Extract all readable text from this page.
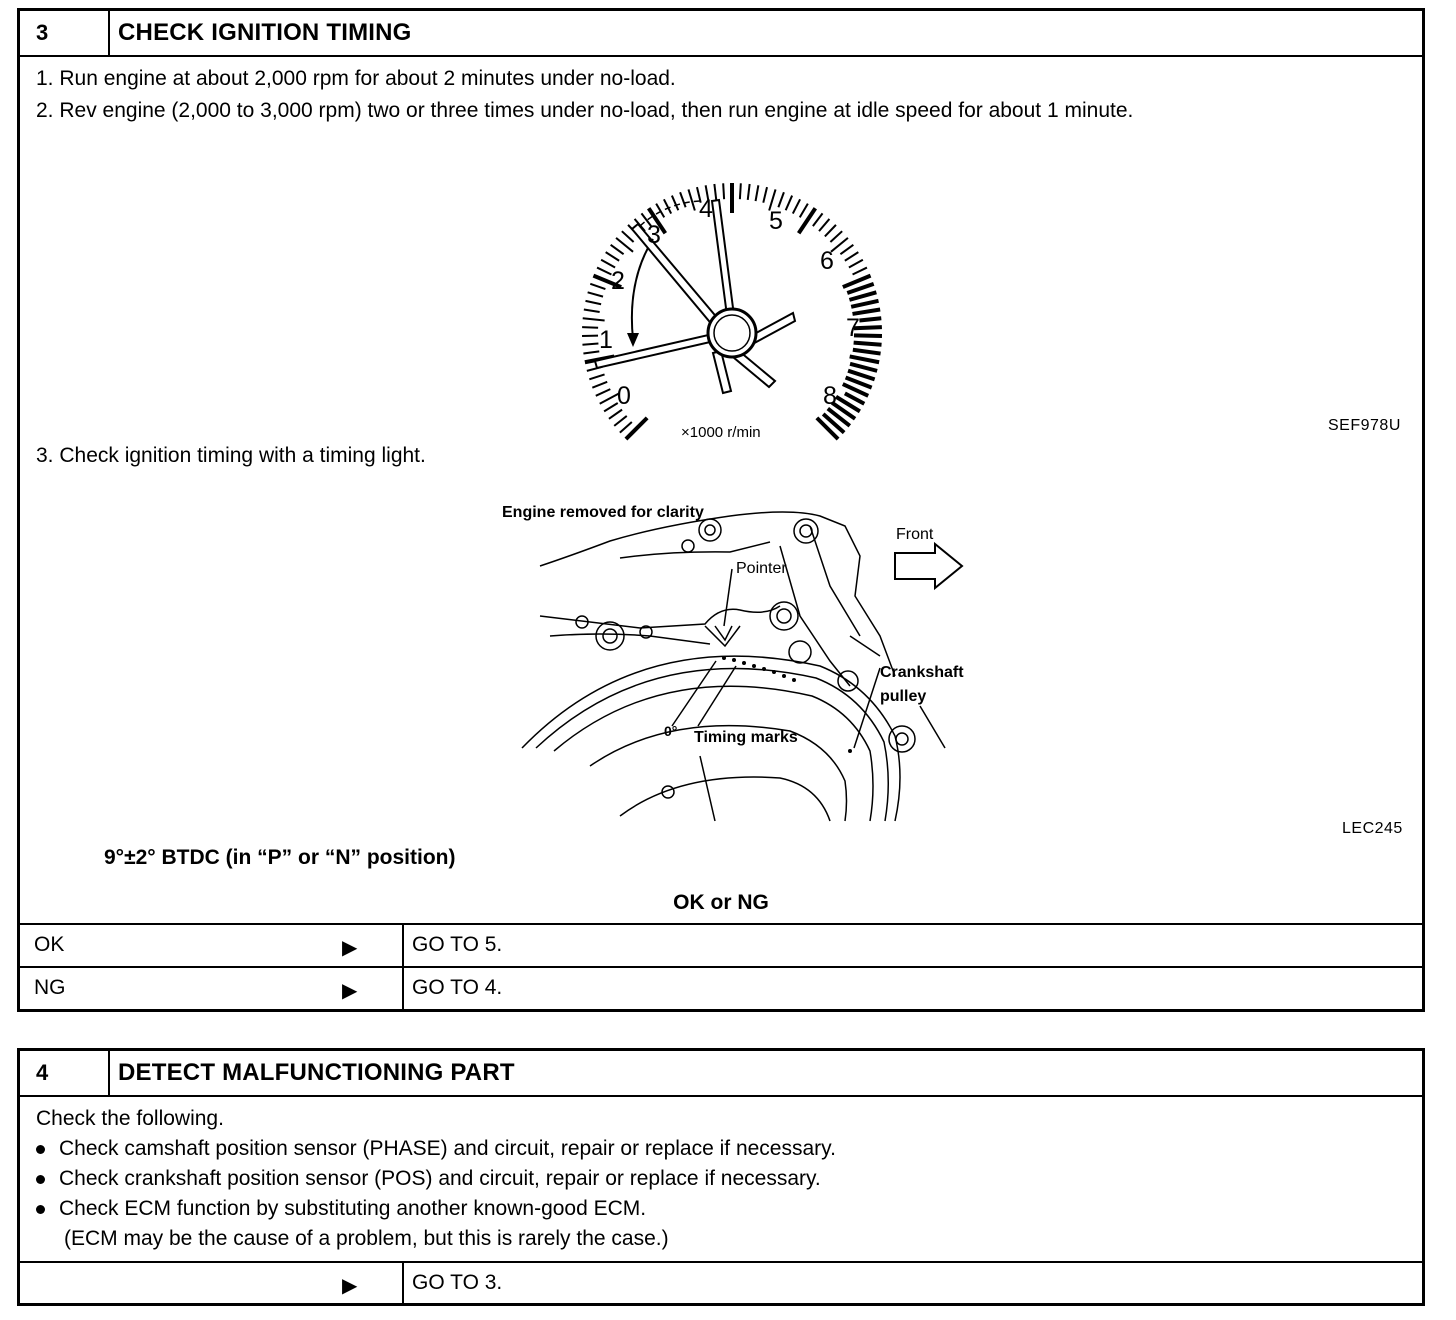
3	CHECK IGNITION TIMING
1. Run engine at about 2,000 rpm for about 2 minutes under no-load.
2. Rev engine (2,000 to 3,000 rpm) two or three times under no-load, then run engine at idle speed for about 1 minute.
0
1
2
3
4 5
6
7
8
×1000 r/min	SEF978U
3. Check ignition timing with a timing light.
Engine removed for clarity
Front
Pointer
Crankshaft
pulley
0° Timing marks
LEC245
9°±2° BTDC (in “P” or “N” position)
OK or NG
OK	▶	GO TO 5.
NG	▶	GO TO 4.
4	DETECT MALFUNCTIONING PART
Check the following.
Check camshaft position sensor (PHASE) and circuit, repair or replace if necessary.
Check crankshaft position sensor (POS) and circuit, repair or replace if necessary.
Check ECM function by substituting another known-good ECM.
(ECM may be the cause of a problem, but this is rarely the case.)
▶	GO TO 3.
